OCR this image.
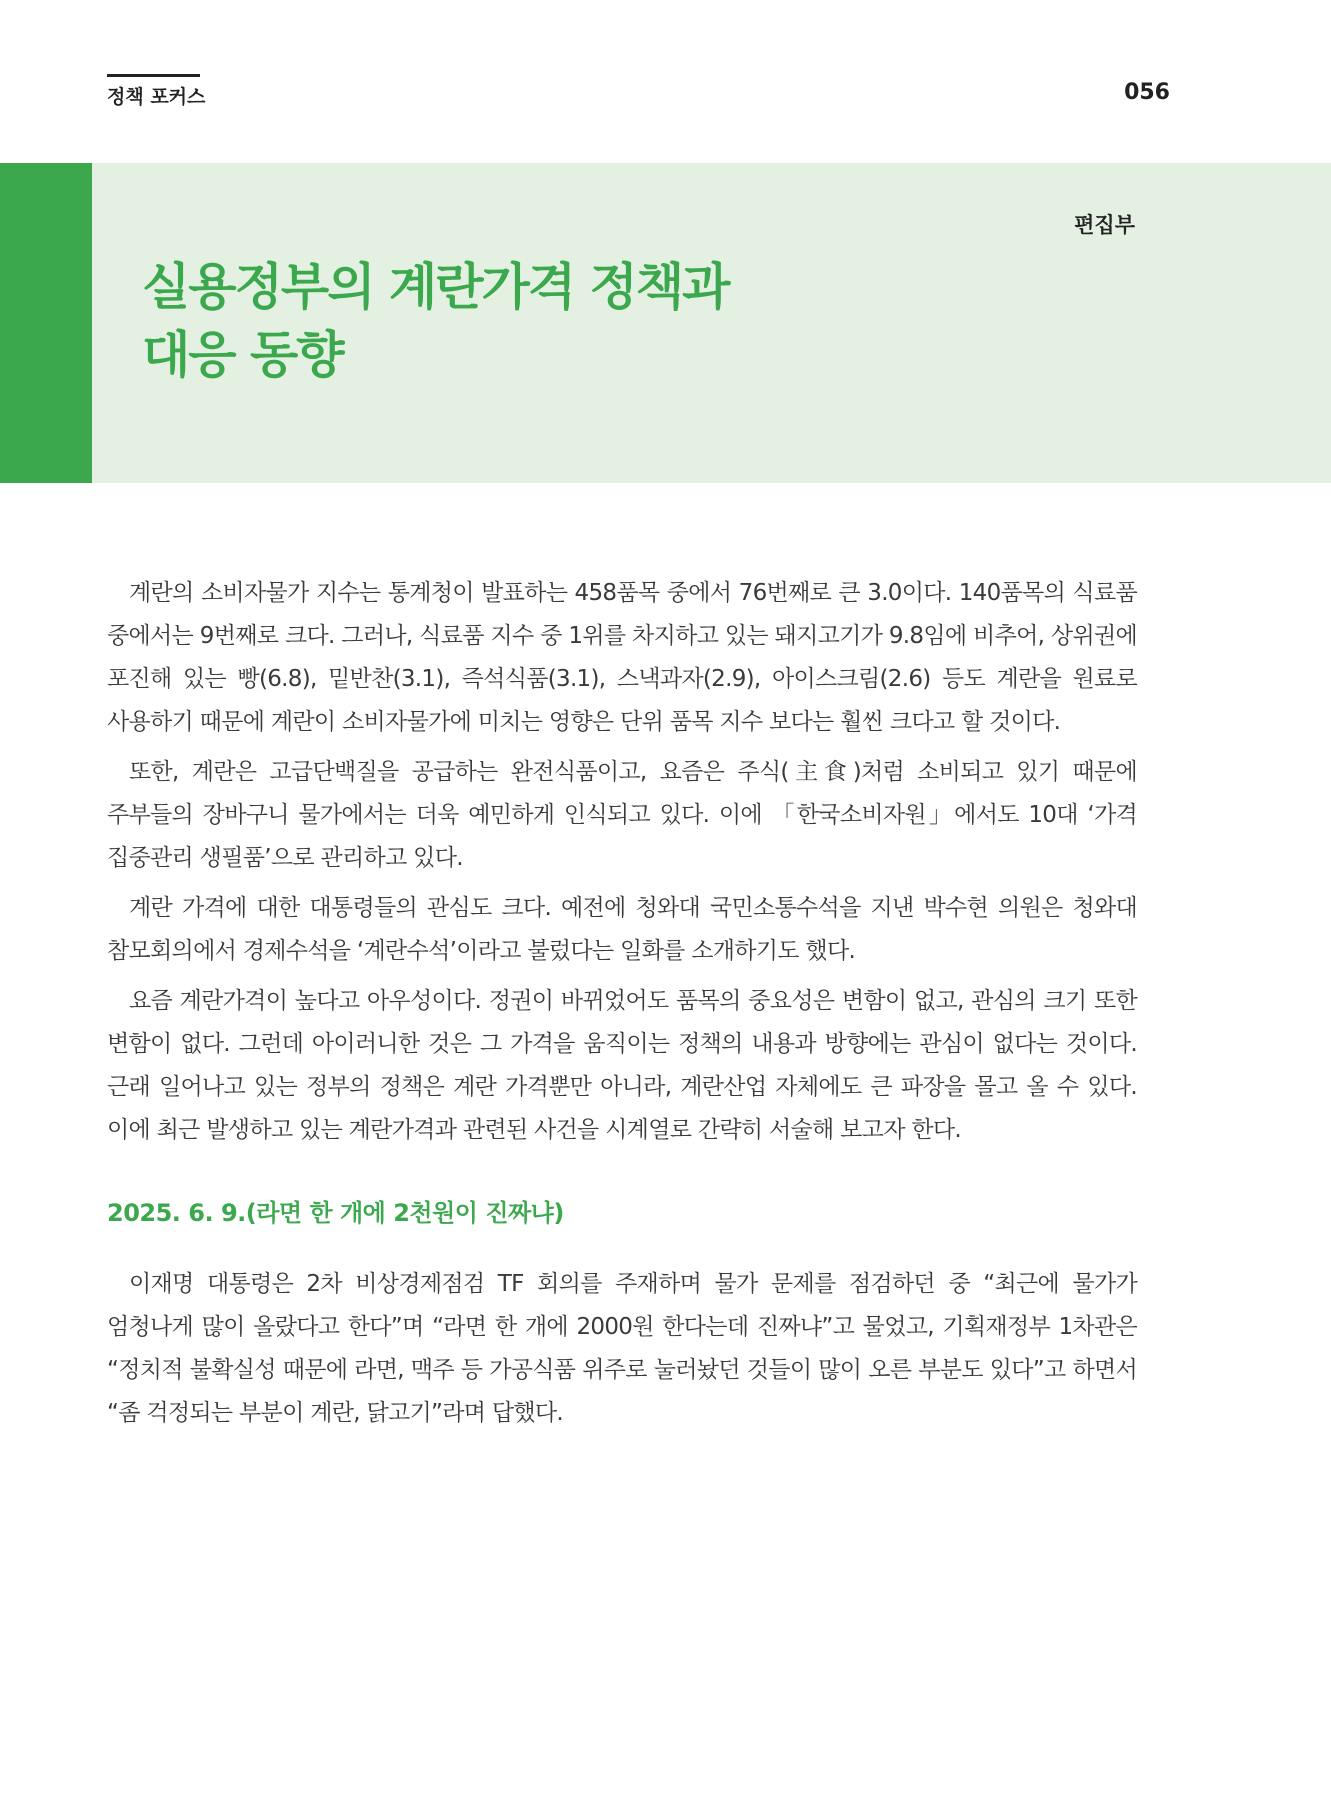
정책 포커스	056
편집부
실용정부의 계란가격 정책과
대응 동향

계란의 소비자물가 지수는 통계청이 발표하는 458품목 중에서 76번째로 큰 3.0이다. 140품목의 식료품 중에서는 9번째로 크다. 그러나, 식료품 지수 중 1위를 차지하고 있는 돼지고기가 9.8임에 비추어, 상위권에 포진해 있는 빵(6.8), 밑반찬(3.1), 즉석식품(3.1), 스낵과자(2.9), 아이스크림(2.6) 등도 계란을 원료로 사용하기 때문에 계란이 소비자물가에 미치는 영향은 단위 품목 지수 보다는 훨씬 크다고 할 것이다.

또한, 계란은 고급단백질을 공급하는 완전식품이고, 요즘은 주식(主食)처럼 소비되고 있기 때문에 주부들의 장바구니 물가에서는 더욱 예민하게 인식되고 있다. 이에 「한국소비자원」에서도 10대 ‘가격 집중관리 생필품’으로 관리하고 있다.

계란 가격에 대한 대통령들의 관심도 크다. 예전에 청와대 국민소통수석을 지낸 박수현 의원은 청와대 참모회의에서 경제수석을 ‘계란수석’이라고 불렀다는 일화를 소개하기도 했다.

요즘 계란가격이 높다고 아우성이다. 정권이 바뀌었어도 품목의 중요성은 변함이 없고, 관심의 크기 또한 변함이 없다. 그런데 아이러니한 것은 그 가격을 움직이는 정책의 내용과 방향에는 관심이 없다는 것이다. 근래 일어나고 있는 정부의 정책은 계란 가격뿐만 아니라, 계란산업 자체에도 큰 파장을 몰고 올 수 있다. 이에 최근 발생하고 있는 계란가격과 관련된 사건을 시계열로 간략히 서술해 보고자 한다.

2025. 6. 9.(라면 한 개에 2천원이 진짜냐)

이재명 대통령은 2차 비상경제점검 TF 회의를 주재하며 물가 문제를 점검하던 중 “최근에 물가가 엄청나게 많이 올랐다고 한다”며 “라면 한 개에 2000원 한다는데 진짜냐”고 물었고, 기획재정부 1차관은 “정치적 불확실성 때문에 라면, 맥주 등 가공식품 위주로 눌러놨던 것들이 많이 오른 부분도 있다”고 하면서 “좀 걱정되는 부분이 계란, 닭고기”라며 답했다.
